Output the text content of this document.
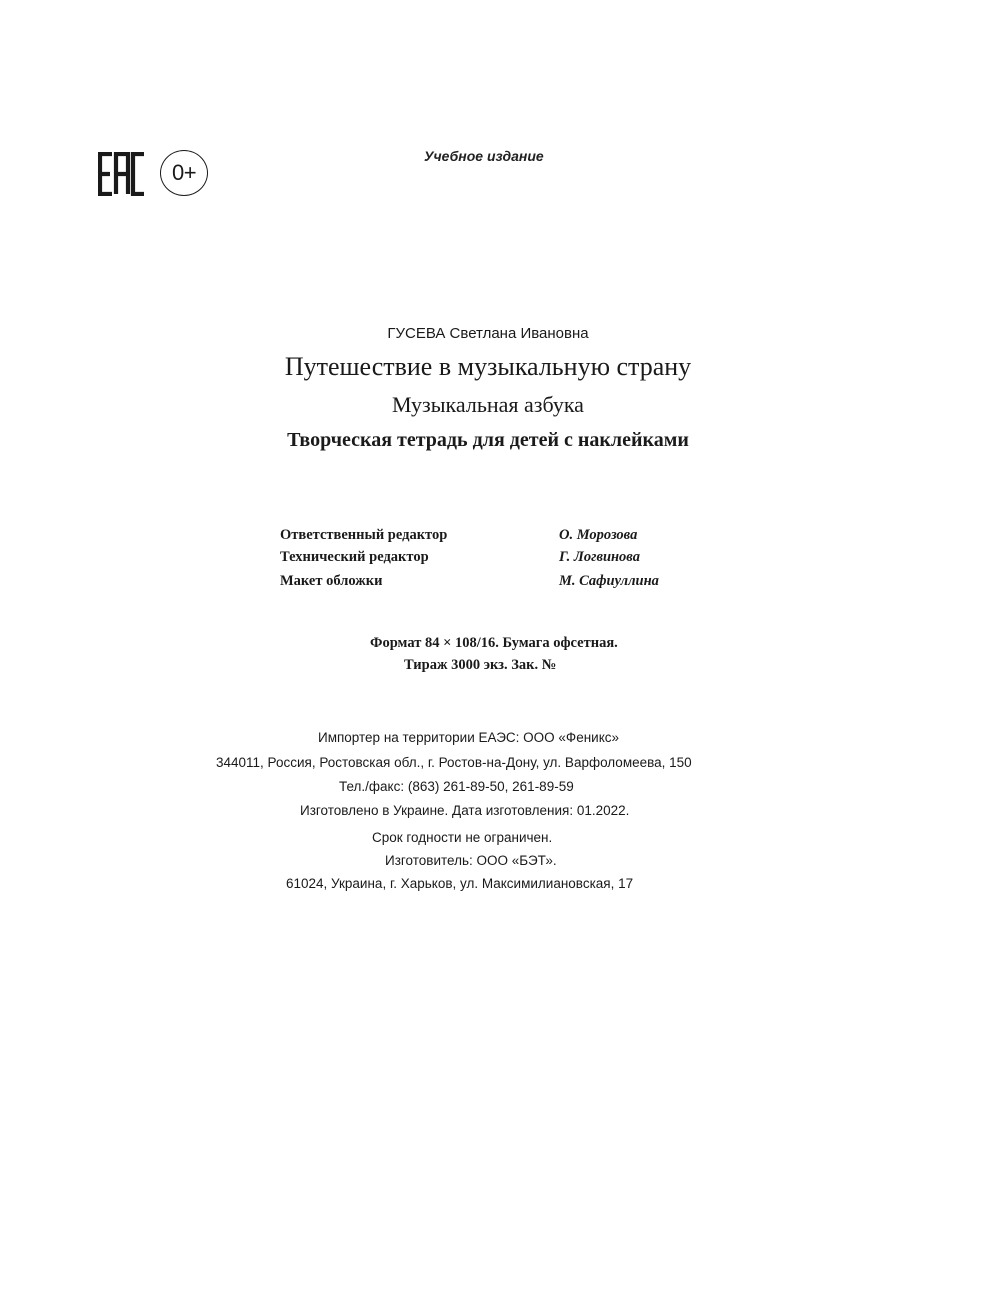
0+
Учебное издание
ГУСЕВА Светлана Ивановна
Путешествие в музыкальную страну
Музыкальная азбука
Творческая тетрадь для детей с наклейками
Ответственный редактор	О. Морозова
Технический редактор	Г. Логвинова
Макет обложки	М. Сафиуллина
Формат 84 × 108/16. Бумага офсетная.
Тираж 3000 экз. Зак. №
Импортер на территории ЕАЭС: ООО «Феникс»
344011, Россия, Ростовская обл., г. Ростов-на-Дону, ул. Варфоломеева, 150
Тел./факс: (863) 261-89-50, 261-89-59
Изготовлено в Украине. Дата изготовления: 01.2022.
Срок годности не ограничен.
Изготовитель: ООО «БЭТ».
61024, Украина, г. Харьков, ул. Максимилиановская, 17
